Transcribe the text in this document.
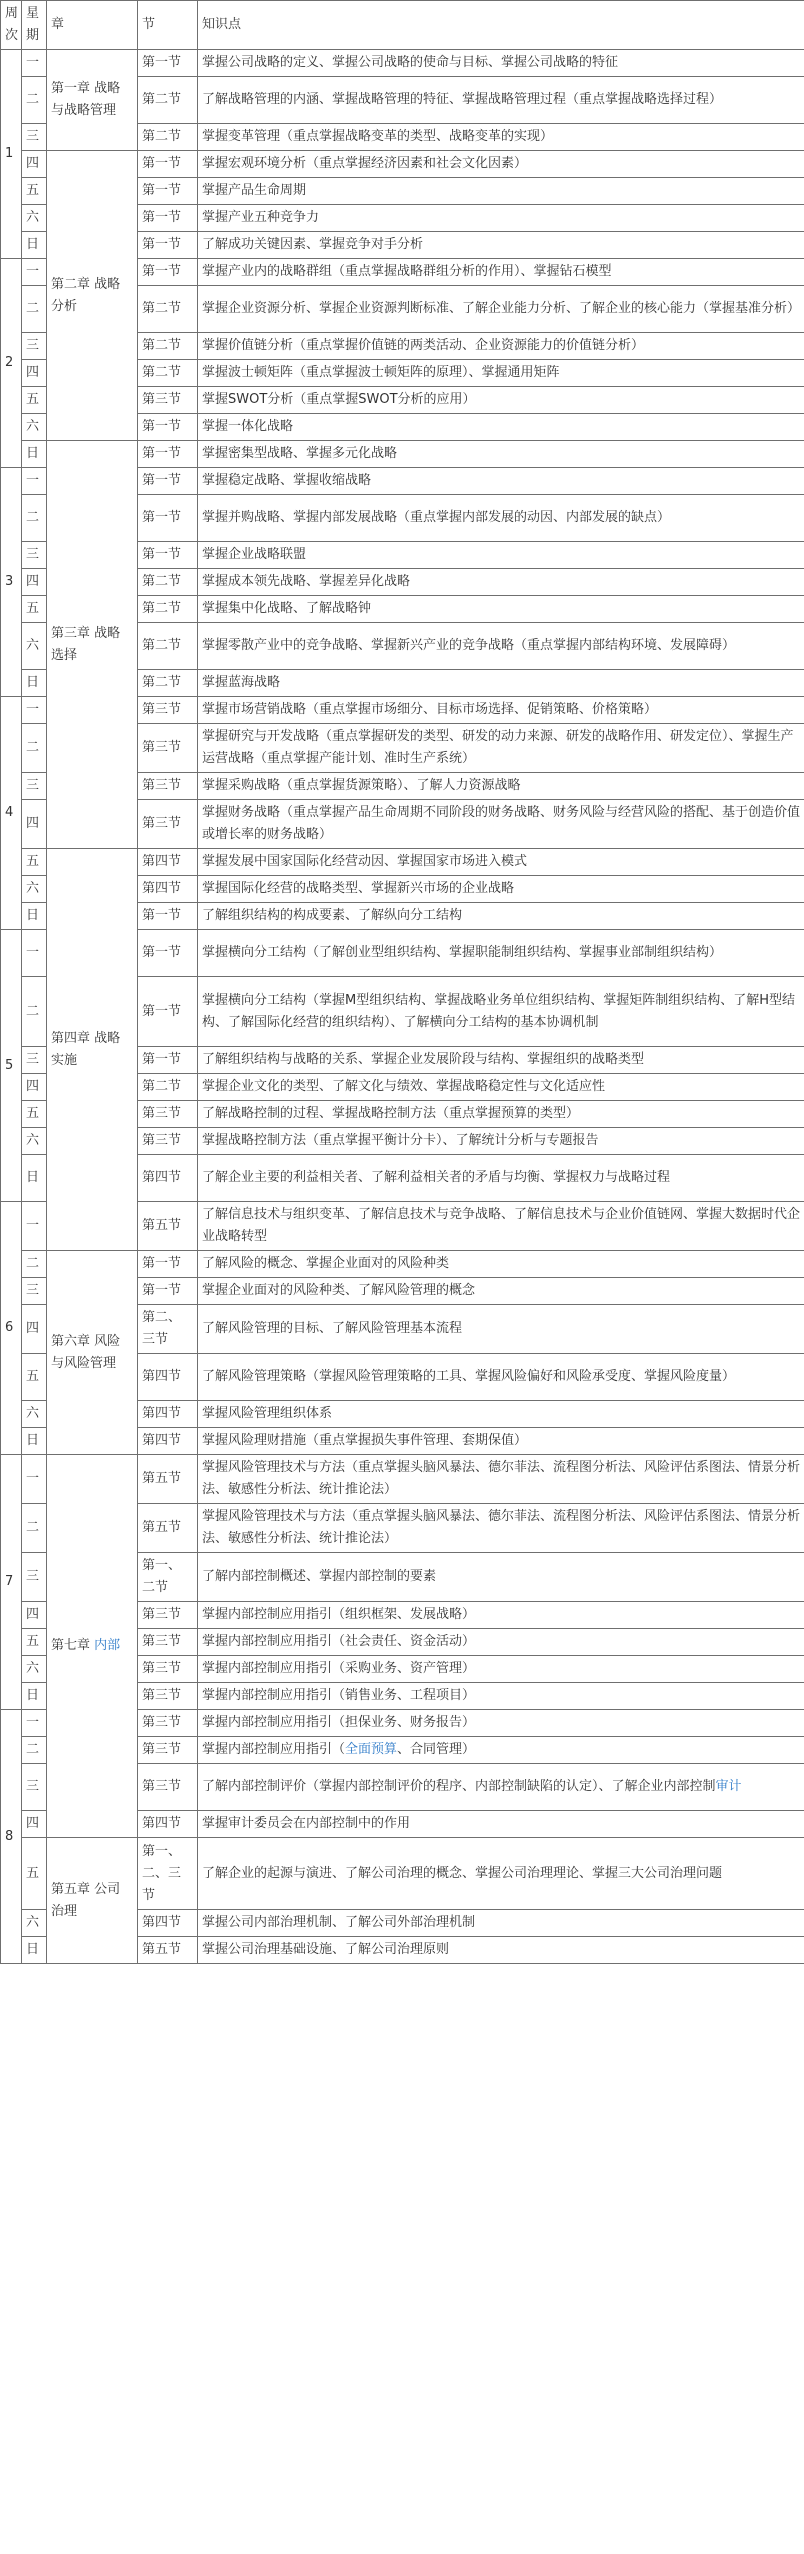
周次	星期	章	节	知识点
1	一	第一章 战略与战略管理	第一节	掌握公司战略的定义、掌握公司战略的使命与目标、掌握公司战略的特征
	二		第二节	了解战略管理的内涵、掌握战略管理的特征、掌握战略管理过程（重点掌握战略选择过程）
	三		第二节	掌握变革管理（重点掌握战略变革的类型、战略变革的实现）
	四	第二章 战略分析	第一节	掌握宏观环境分析（重点掌握经济因素和社会文化因素）
	五		第一节	掌握产品生命周期
	六		第一节	掌握产业五种竞争力
	日		第一节	了解成功关键因素、掌握竞争对手分析
2	一		第一节	掌握产业内的战略群组（重点掌握战略群组分析的作用）、掌握钻石模型
	二		第二节	掌握企业资源分析、掌握企业资源判断标准、了解企业能力分析、了解企业的核心能力（掌握基准分析）
	三		第二节	掌握价值链分析（重点掌握价值链的两类活动、企业资源能力的价值链分析）
	四		第二节	掌握波士顿矩阵（重点掌握波士顿矩阵的原理）、掌握通用矩阵
	五		第三节	掌握SWOT分析（重点掌握SWOT分析的应用）
	六		第一节	掌握一体化战略
	日	第三章 战略选择	第一节	掌握密集型战略、掌握多元化战略
3	一		第一节	掌握稳定战略、掌握收缩战略
	二		第一节	掌握并购战略、掌握内部发展战略（重点掌握内部发展的动因、内部发展的缺点）
	三		第一节	掌握企业战略联盟
	四		第二节	掌握成本领先战略、掌握差异化战略
	五		第二节	掌握集中化战略、了解战略钟
	六		第二节	掌握零散产业中的竞争战略、掌握新兴产业的竞争战略（重点掌握内部结构环境、发展障碍）
	日		第二节	掌握蓝海战略
4	一		第三节	掌握市场营销战略（重点掌握市场细分、目标市场选择、促销策略、价格策略）
	二		第三节	掌握研究与开发战略（重点掌握研发的类型、研发的动力来源、研发的战略作用、研发定位）、掌握生产运营战略（重点掌握产能计划、准时生产系统）
	三		第三节	掌握采购战略（重点掌握货源策略）、了解人力资源战略
	四		第三节	掌握财务战略（重点掌握产品生命周期不同阶段的财务战略、财务风险与经营风险的搭配、基于创造价值或增长率的财务战略）
	五	第四章 战略实施	第四节	掌握发展中国家国际化经营动因、掌握国家市场进入模式
	六		第四节	掌握国际化经营的战略类型、掌握新兴市场的企业战略
	日		第一节	了解组织结构的构成要素、了解纵向分工结构
5	一		第一节	掌握横向分工结构（了解创业型组织结构、掌握职能制组织结构、掌握事业部制组织结构）
	二		第一节	掌握横向分工结构（掌握M型组织结构、掌握战略业务单位组织结构、掌握矩阵制组织结构、了解H型结构、了解国际化经营的组织结构）、了解横向分工结构的基本协调机制
	三		第一节	了解组织结构与战略的关系、掌握企业发展阶段与结构、掌握组织的战略类型
	四		第二节	掌握企业文化的类型、了解文化与绩效、掌握战略稳定性与文化适应性
	五		第三节	了解战略控制的过程、掌握战略控制方法（重点掌握预算的类型）
	六		第三节	掌握战略控制方法（重点掌握平衡计分卡）、了解统计分析与专题报告
	日		第四节	了解企业主要的利益相关者、了解利益相关者的矛盾与均衡、掌握权力与战略过程
6	一		第五节	了解信息技术与组织变革、了解信息技术与竞争战略、了解信息技术与企业价值链网、掌握大数据时代企业战略转型
	二	第六章 风险与风险管理	第一节	了解风险的概念、掌握企业面对的风险种类
	三		第一节	掌握企业面对的风险种类、了解风险管理的概念
	四		第二、三节	了解风险管理的目标、了解风险管理基本流程
	五		第四节	了解风险管理策略（掌握风险管理策略的工具、掌握风险偏好和风险承受度、掌握风险度量）
	六		第四节	掌握风险管理组织体系
	日		第四节	掌握风险理财措施（重点掌握损失事件管理、套期保值）
7	一	第七章 内部	第五节	掌握风险管理技术与方法（重点掌握头脑风暴法、德尔菲法、流程图分析法、风险评估系图法、情景分析法、敏感性分析法、统计推论法）
	二		第五节	掌握风险管理技术与方法（重点掌握头脑风暴法、德尔菲法、流程图分析法、风险评估系图法、情景分析法、敏感性分析法、统计推论法）
	三		第一、二节	了解内部控制概述、掌握内部控制的要素
	四		第三节	掌握内部控制应用指引（组织框架、发展战略）
	五		第三节	掌握内部控制应用指引（社会责任、资金活动）
	六		第三节	掌握内部控制应用指引（采购业务、资产管理）
	日		第三节	掌握内部控制应用指引（销售业务、工程项目）
8	一		第三节	掌握内部控制应用指引（担保业务、财务报告）
	二		第三节	掌握内部控制应用指引（全面预算、合同管理）
	三		第三节	了解内部控制评价（掌握内部控制评价的程序、内部控制缺陷的认定）、了解企业内部控制审计
	四		第四节	掌握审计委员会在内部控制中的作用
	五	第五章 公司治理	第一、二、三节	了解企业的起源与演进、了解公司治理的概念、掌握公司治理理论、掌握三大公司治理问题
	六		第四节	掌握公司内部治理机制、了解公司外部治理机制
	日		第五节	掌握公司治理基础设施、了解公司治理原则
